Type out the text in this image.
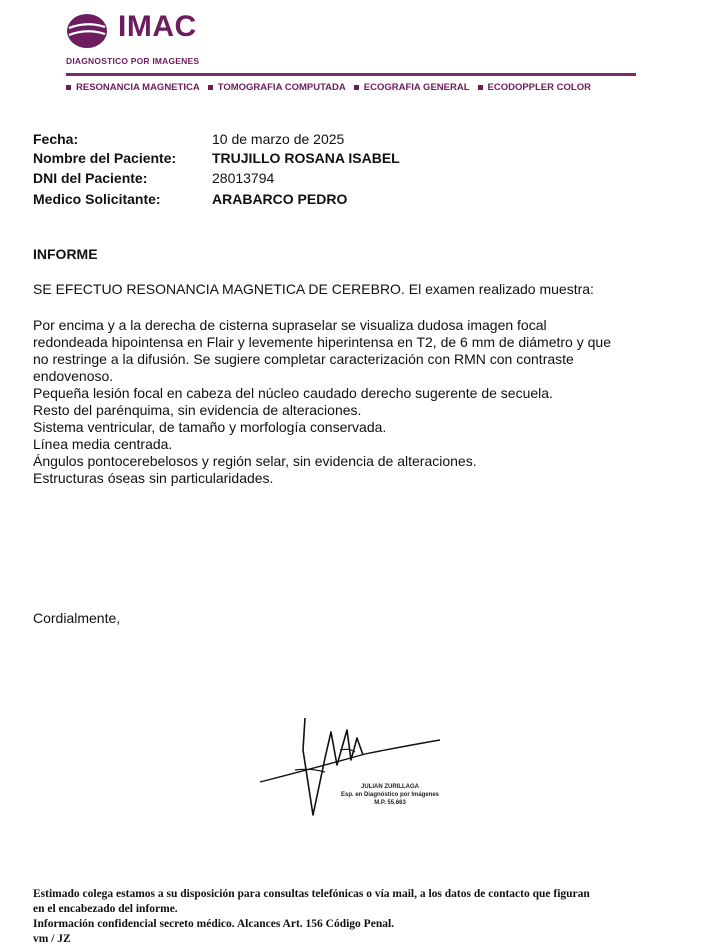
IMAC
DIAGNOSTICO POR IMAGENES
RESONANCIA MAGNETICA TOMOGRAFIA COMPUTADA ECOGRAFIA GENERAL ECODOPPLER COLOR
Fecha:	10 de marzo de 2025
Nombre del Paciente:	TRUJILLO ROSANA ISABEL
DNI del Paciente:	28013794
Medico Solicitante:	ARABARCO PEDRO
INFORME
SE EFECTUO RESONANCIA MAGNETICA DE CEREBRO. El examen realizado muestra:
Por encima y a la derecha de cisterna supraselar se visualiza dudosa imagen focal
redondeada hipointensa en Flair y levemente hiperintensa en T2, de 6 mm de diámetro y que
no restringe a la difusión. Se sugiere completar caracterización con RMN con contraste
endovenoso.
Pequeña lesión focal en cabeza del núcleo caudado derecho sugerente de secuela.
Resto del parénquima, sin evidencia de alteraciones.
Sistema ventricular, de tamaño y morfología conservada.
Línea media centrada.
Ángulos pontocerebelosos y región selar, sin evidencia de alteraciones.
Estructuras óseas sin particularidades.
Cordialmente,
JULIAN ZURILLAGA
Esp. en Diagnóstico por Imágenes
M.P. 55.663
Estimado colega estamos a su disposición para consultas telefónicas o vía mail, a los datos de contacto que figuran
en el encabezado del informe.
Información confidencial secreto médico. Alcances Art. 156 Código Penal.
vm / JZ
